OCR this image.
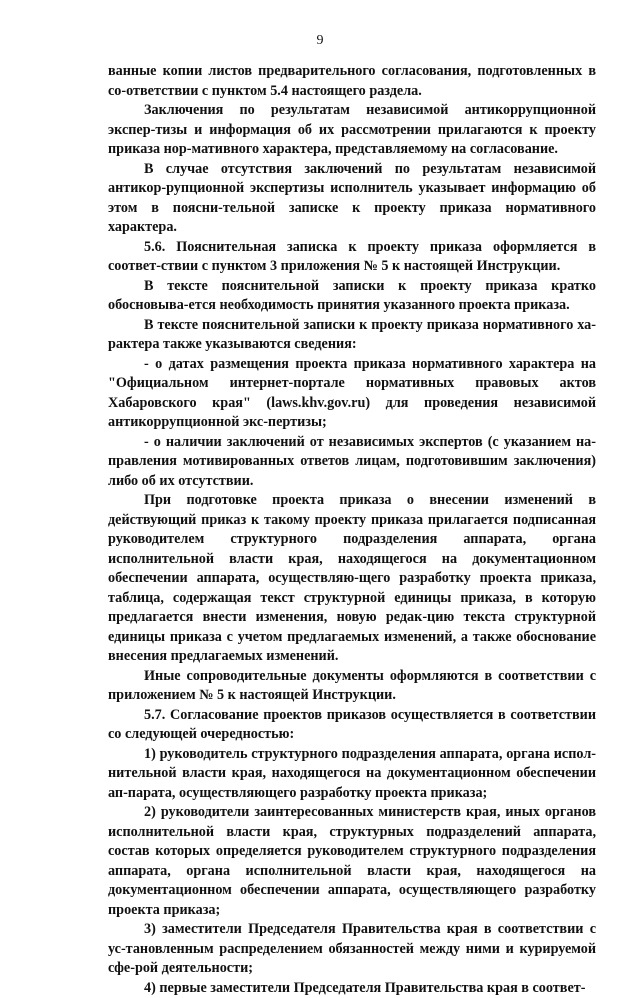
9

ванные копии листов предварительного согласования, подготовленных в со-ответствии с пунктом 5.4 настоящего раздела.

Заключения по результатам независимой антикоррупционной экспер-тизы и информация об их рассмотрении прилагаются к проекту приказа нор-мативного характера, представляемому на согласование.

В случае отсутствия заключений по результатам независимой антикор-рупционной экспертизы исполнитель указывает информацию об этом в поясни-тельной записке к проекту приказа нормативного характера.

5.6. Пояснительная записка к проекту приказа оформляется в соответ-ствии с пунктом 3 приложения № 5 к настоящей Инструкции.

В тексте пояснительной записки к проекту приказа кратко обосновыва-ется необходимость принятия указанного проекта приказа.

В тексте пояснительной записки к проекту приказа нормативного ха-рактера также указываются сведения:

- о датах размещения проекта приказа нормативного характера на "Официальном интернет-портале нормативных правовых актов Хабаровского края" (laws.khv.gov.ru) для проведения независимой антикоррупционной экс-пертизы;

- о наличии заключений от независимых экспертов (с указанием на-правления мотивированных ответов лицам, подготовившим заключения) либо об их отсутствии.

При подготовке проекта приказа о внесении изменений в действующий приказ к такому проекту приказа прилагается подписанная руководителем структурного подразделения аппарата, органа исполнительной власти края, находящегося на документационном обеспечении аппарата, осуществляю-щего разработку проекта приказа, таблица, содержащая текст структурной единицы приказа, в которую предлагается внести изменения, новую редак-цию текста структурной единицы приказа с учетом предлагаемых изменений, а также обоснование внесения предлагаемых изменений.

Иные сопроводительные документы оформляются в соответствии с приложением № 5 к настоящей Инструкции.

5.7. Согласование проектов приказов осуществляется в соответствии со следующей очередностью:

1) руководитель структурного подразделения аппарата, органа испол-нительной власти края, находящегося на документационном обеспечении ап-парата, осуществляющего разработку проекта приказа;

2) руководители заинтересованных министерств края, иных органов исполнительной власти края, структурных подразделений аппарата, состав которых определяется руководителем структурного подразделения аппарата, органа исполнительной власти края, находящегося на документационном обеспечении аппарата, осуществляющего разработку проекта приказа;

3) заместители Председателя Правительства края в соответствии с ус-тановленным распределением обязанностей между ними и курируемой сфе-рой деятельности;

4) первые заместители Председателя Правительства края в соответ-
